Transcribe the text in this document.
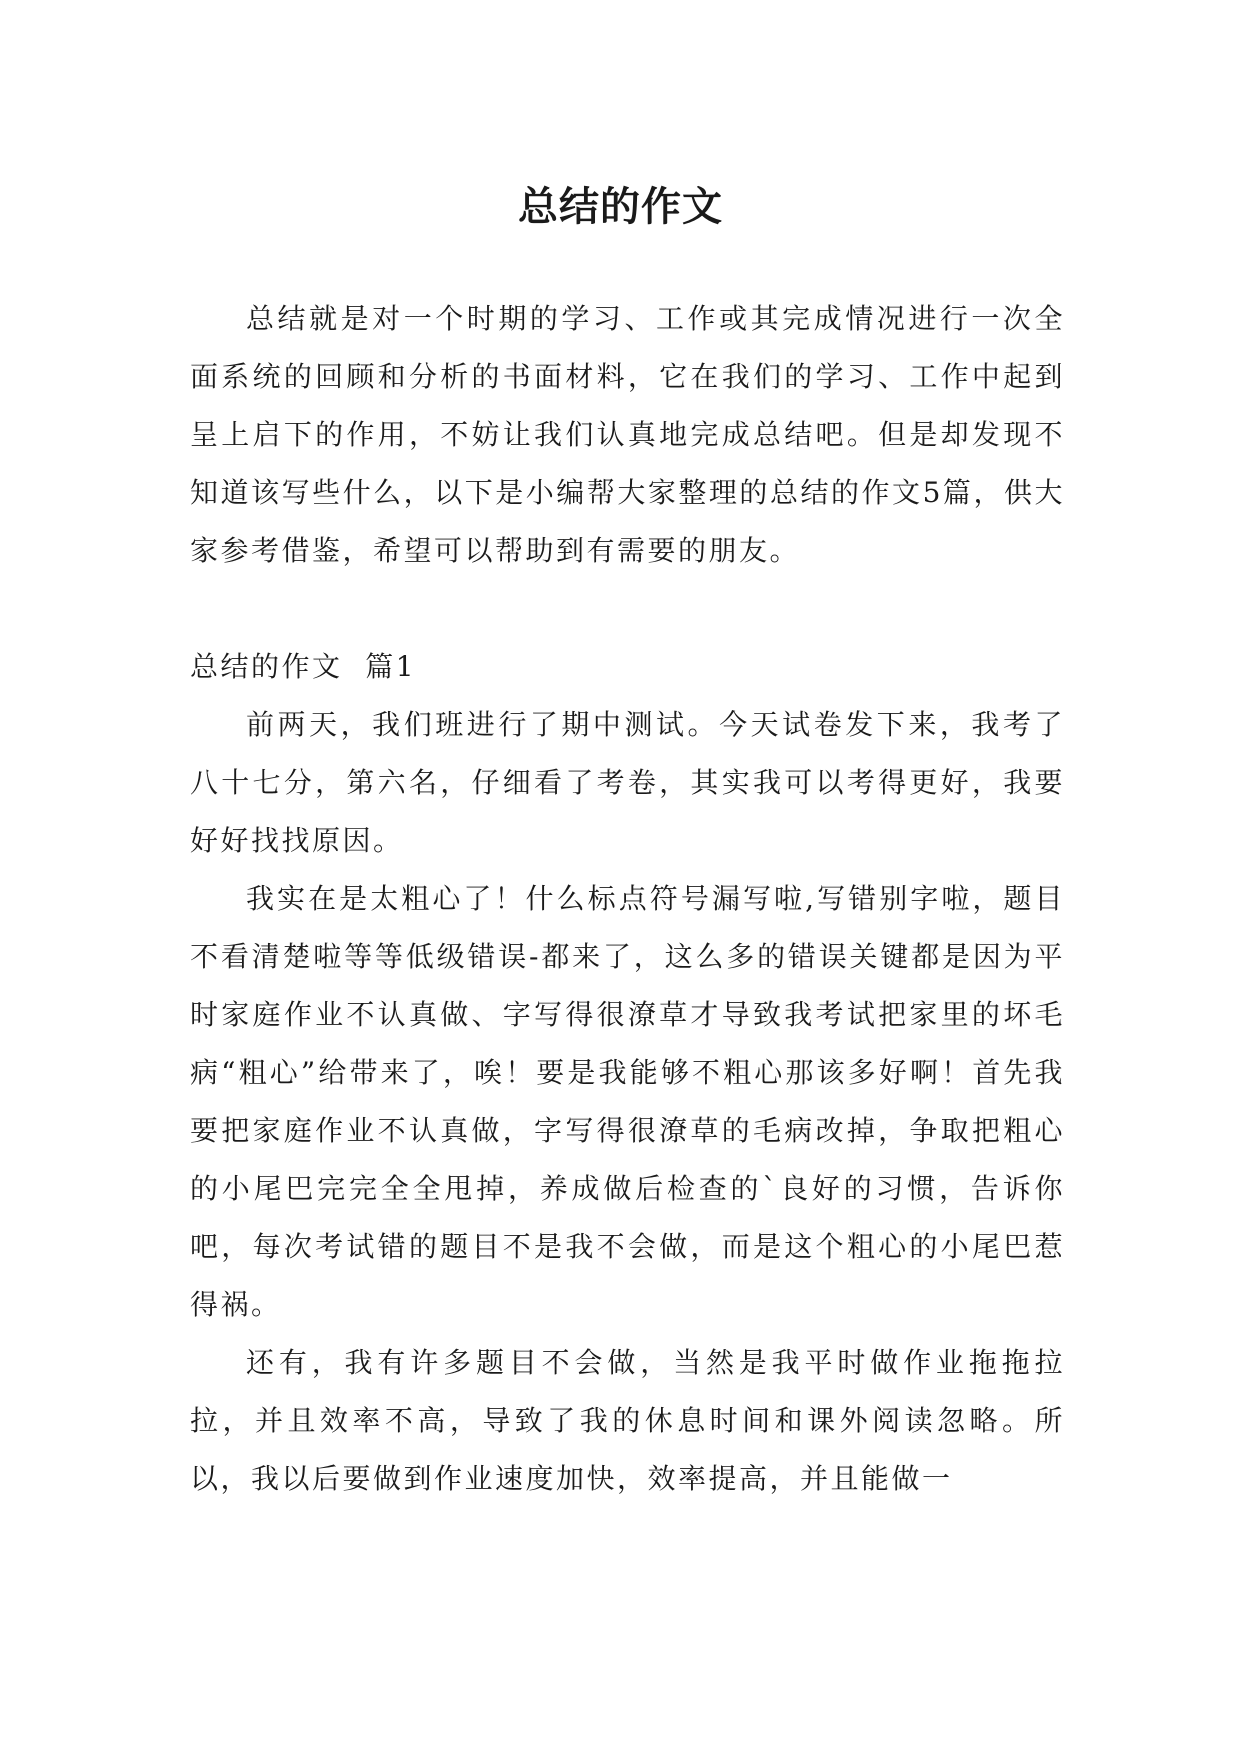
总结的作文

总结就是对一个时期的学习、工作或其完成情况进行一次全面系统的回顾和分析的书面材料，它在我们的学习、工作中起到呈上启下的作用，不妨让我们认真地完成总结吧。但是却发现不知道该写些什么，以下是小编帮大家整理的总结的作文5篇，供大家参考借鉴，希望可以帮助到有需要的朋友。

总结的作文  篇1

前两天，我们班进行了期中测试。今天试卷发下来，我考了八十七分，第六名，仔细看了考卷，其实我可以考得更好，我要好好找找原因。

我实在是太粗心了！什么标点符号漏写啦,写错别字啦，题目不看清楚啦等等低级错误-都来了，这么多的错误关键都是因为平时家庭作业不认真做、字写得很潦草才导致我考试把家里的坏毛病“粗心”给带来了，唉！要是我能够不粗心那该多好啊！首先我要把家庭作业不认真做，字写得很潦草的毛病改掉，争取把粗心的小尾巴完完全全甩掉，养成做后检查的`良好的习惯，告诉你吧，每次考试错的题目不是我不会做，而是这个粗心的小尾巴惹得祸。

还有，我有许多题目不会做，当然是我平时做作业拖拖拉拉，并且效率不高，导致了我的休息时间和课外阅读忽略。所以，我以后要做到作业速度加快，效率提高，并且能做一
